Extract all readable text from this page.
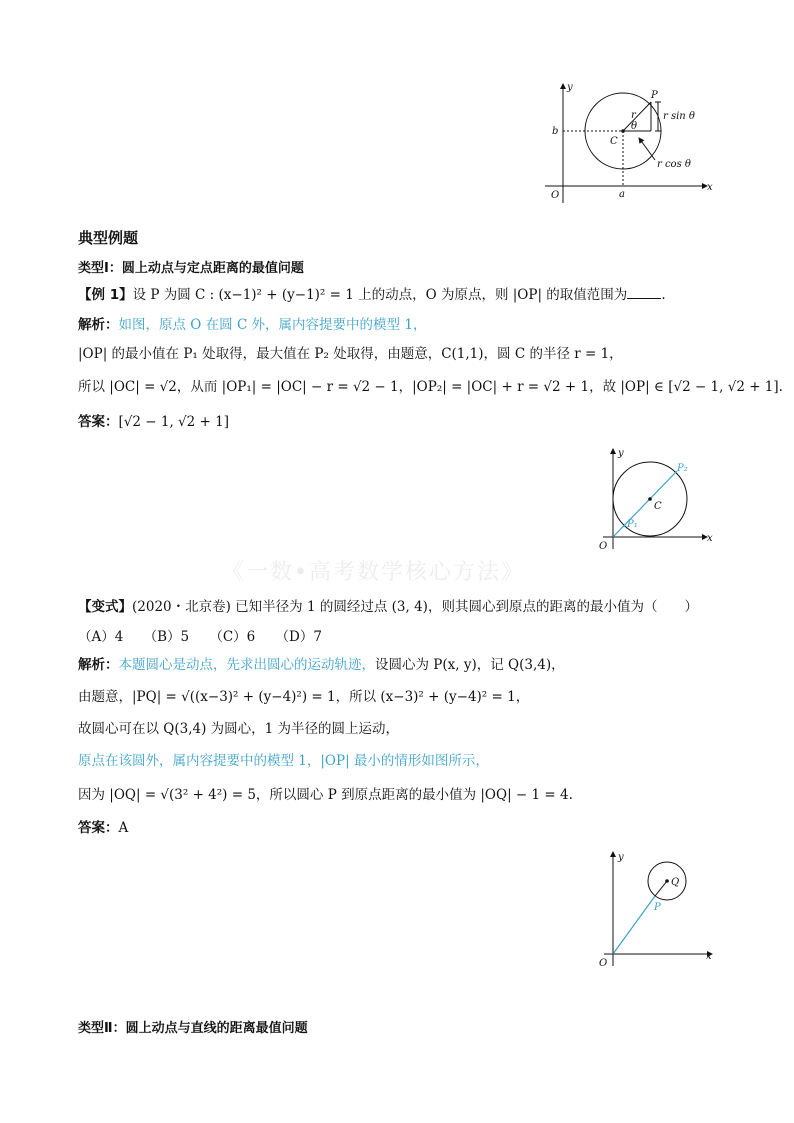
y
x
O	a
b
C
P
r
θ
r sin θ
r cos θ
典型例题
类型Ⅰ：圆上动点与定点距离的最值问题
【例 1】设 P 为圆 C : (x−1)² + (y−1)² = 1 上的动点，O 为原点，则 |OP| 的取值范围为	.
解析：如图，原点 O 在圆 C 外，属内容提要中的模型 1，
|OP| 的最小值在 P₁ 处取得，最大值在 P₂ 处取得，由题意，C(1,1)，圆 C 的半径 r = 1，
所以 |OC| = √2，从而 |OP₁| = |OC| − r = √2 − 1，|OP₂| = |OC| + r = √2 + 1，故 |OP| ∈ [√2 − 1, √2 + 1].
答案：[√2 − 1, √2 + 1]
y
x
O
C
P₁
P₂
《一数•高考数学核心方法》
【变式】(2020・北京卷) 已知半径为 1 的圆经过点 (3, 4)，则其圆心到原点的距离的最小值为（　　）
（A）4　　（B）5　　（C）6　　（D）7
解析：本题圆心是动点，先求出圆心的运动轨迹，设圆心为 P(x, y)，记 Q(3,4)，
由题意，|PQ| = √((x−3)² + (y−4)²) = 1，所以 (x−3)² + (y−4)² = 1，
故圆心可在以 Q(3,4) 为圆心，1 为半径的圆上运动，
原点在该圆外，属内容提要中的模型 1，|OP| 最小的情形如图所示，
因为 |OQ| = √(3² + 4²) = 5，所以圆心 P 到原点距离的最小值为 |OQ| − 1 = 4.
答案：A
y
x
O
Q
P
类型Ⅱ：圆上动点与直线的距离最值问题
